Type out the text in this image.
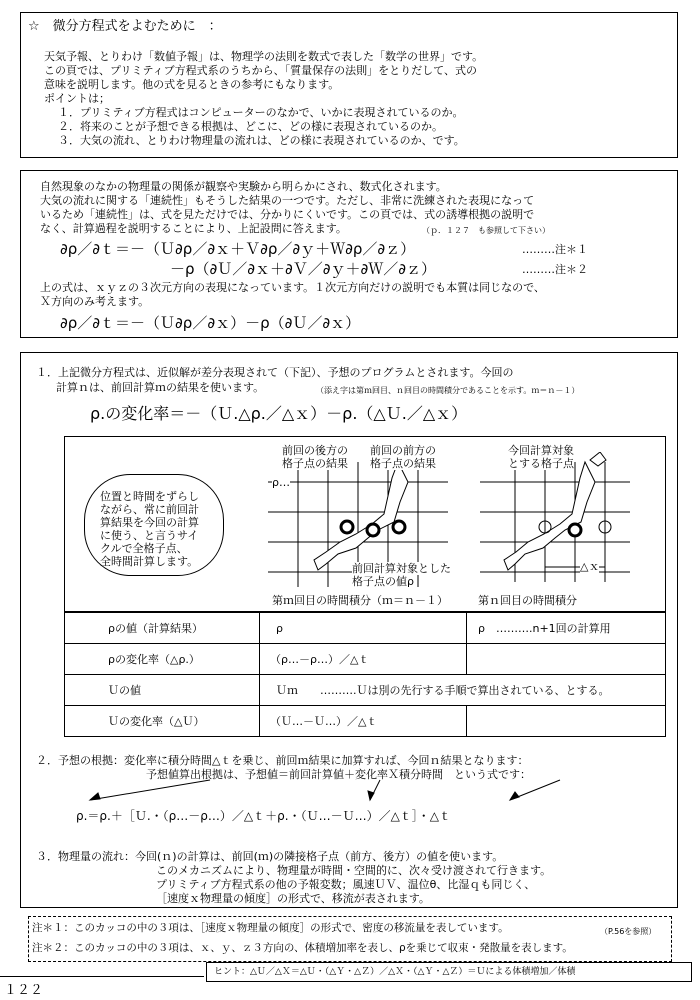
☆　微分方程式をよむために　：
天気予報、とりわけ「数値予報」は、物理学の法則を数式で表した「数学の世界」です。
この頁では、プリミティブ方程式系のうちから、「質量保存の法則」をとりだして、式の
意味を説明します。他の式を見るときの参考にもなります。
ポイントは；
１．プリミティブ方程式はコンピューターのなかで、いかに表現されているのか。
２．将来のことが予想できる根拠は、どこに、どの様に表現されているのか。
３．大気の流れ、とりわけ物理量の流れは、どの様に表現されているのか、です。
自然現象のなかの物理量の関係が観察や実験から明らかにされ、数式化されます。
大気の流れに関する「連続性」もそうした結果の一つです。ただし、非常に洗練された表現になって
いるため「連続性」は、式を見ただけでは、分かりにくいです。この頁では、式の誘導根拠の説明で
なく、計算過程を説明することにより、上記設問に答えます。	（ｐ．１２７　も参照して下さい）
∂ρ／∂ｔ＝－（Ｕ∂ρ／∂ｘ＋Ｖ∂ρ／∂ｙ＋Ｗ∂ρ／∂ｚ）	………注＊１
－ρ（∂Ｕ／∂ｘ＋∂Ｖ／∂ｙ＋∂Ｗ／∂ｚ）	………注＊２
上の式は、ｘｙｚの３次元方向の表現になっています。１次元方向だけの説明でも本質は同じなので、
Ｘ方向のみ考えます。
∂ρ／∂ｔ＝－（Ｕ∂ρ／∂ｘ）－ρ（∂Ｕ／∂ｘ）
１．上記微分方程式は、近似解が差分表現されて（下記）、予想のプログラムとされます。今回の
計算ｎは、前回計算ｍの結果を使います。	（添え字は第ｍ回目、ｎ回目の時間積分であることを示す。ｍ＝ｎ－１）
ρ.の変化率＝－（Ｕ.△ρ.／△ｘ）－ρ.（△Ｕ.／△ｘ）
位置と時間をずらし
ながら、常に前回計
算結果を今回の計算
に使う、と言うサイ
クルで全格子点、
全時間計算します。
前回の後方の
格子点の結果
前回の前方の
格子点の結果
ρ…
前回計算対象とした
格子点の値ρ
第ｍ回目の時間積分（ｍ＝ｎ－１）
今回計算対象
とする格子点
△ｘ
第ｎ回目の時間積分
ρの値（計算結果）	ρ	ρ　……….n+1回の計算用
ρの変化率（△ρ.）	（ρ…－ρ…）／△ｔ
Ｕの値	Ｕｍ　　……….Ｕは別の先行する手順で算出されている、とする。
Ｕの変化率（△Ｕ）	（Ｕ…－Ｕ…）／△ｔ
２．予想の根拠：変化率に積分時間△ｔを乗じ、前回ｍ結果に加算すれば、今回ｎ結果となります：
予想値算出根拠は、予想値＝前回計算値＋変化率Ｘ積分時間　という式です：
ρ.＝ρ.＋［Ｕ.・（ρ…－ρ…）／△ｔ＋ρ.・（Ｕ…－Ｕ…）／△ｔ］・△ｔ
３．物理量の流れ：今回(ｎ)の計算は、前回(ｍ)の隣接格子点（前方、後方）の値を使います。
このメカニズムにより、物理量が時間・空間的に、次々受け渡されて行きます。
プリミティブ方程式系の他の予報変数；風速ＵＶ、温位θ、比湿ｑも同じく、
［速度ｘ物理量の傾度］の形式で、移流が表されます。
注＊１：このカッコの中の３項は、［速度ｘ物理量の傾度］の形式で、密度の移流量を表しています。	（P.56を参照）
注＊２：このカッコの中の３項は、ｘ、ｙ、ｚ３方向の、体積増加率を表し、ρを乗じて収束・発散量を表します。
ヒント：△Ｕ／△Ｘ＝△Ｕ・（△Ｙ・△Ｚ）／△Ｘ・（△Ｙ・△Ｚ）＝Ｕによる体積増加／体積
１２２
